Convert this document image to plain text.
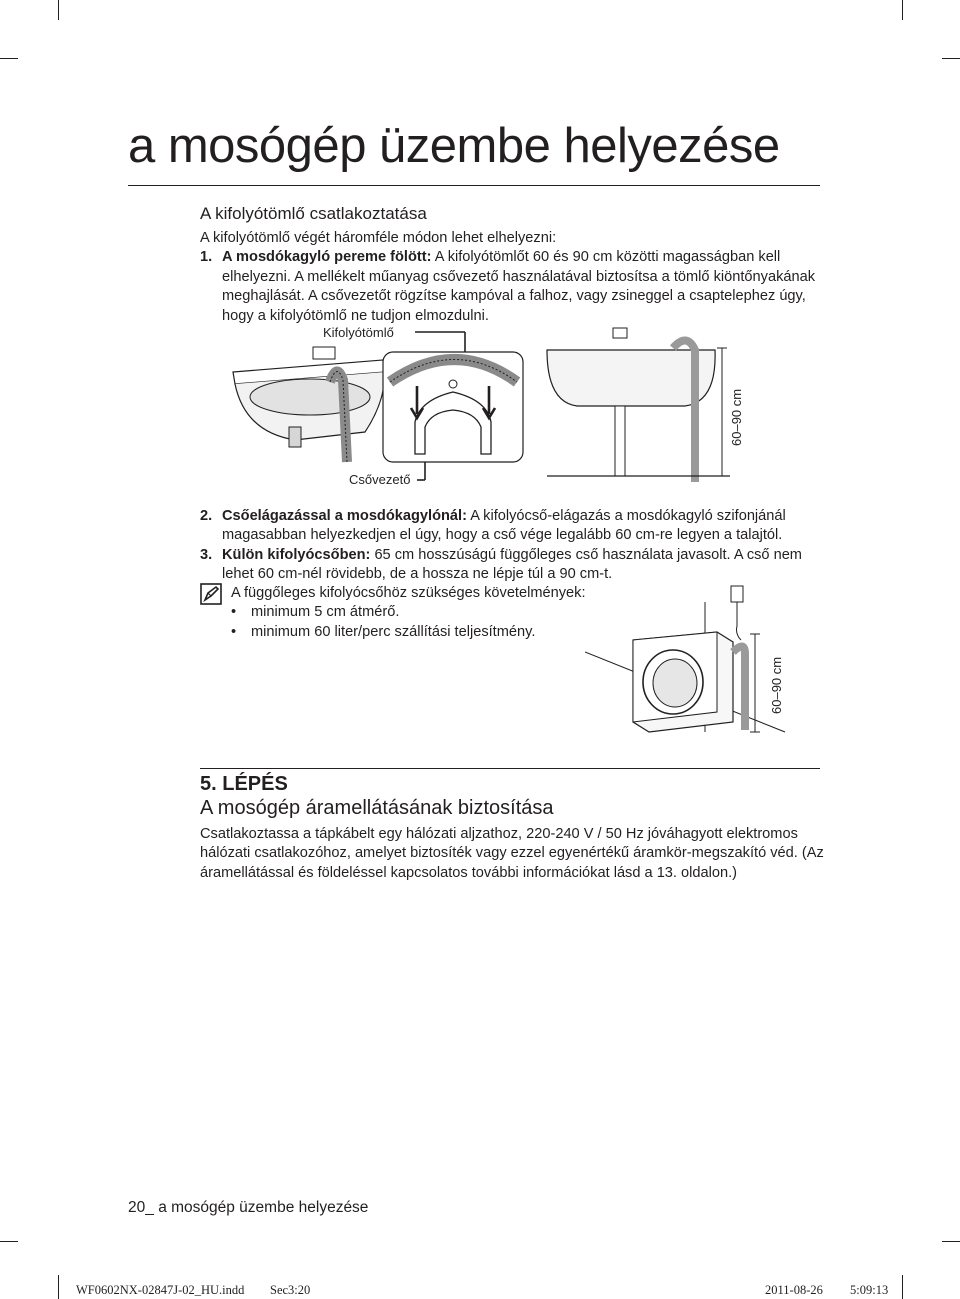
a mosógép üzembe helyezése
A kifolyótömlő csatlakoztatása
A kifolyótömlő végét háromféle módon lehet elhelyezni:
1. A mosdókagyló pereme fölött: A kifolyótömlőt 60 és 90 cm közötti magasságban kell
elhelyezni. A mellékelt műanyag csővezető használatával biztosítsa a tömlő kiöntőnyakának
meghajlását. A csővezetőt rögzítse kampóval a falhoz, vagy zsineggel a csaptelephez úgy,
hogy a kifolyótömlő ne tudjon elmozdulni.
Kifolyótömlő
Csővezető
60–90 cm
2. Csőelágazással a mosdókagylónál: A kifolyócső-elágazás a mosdókagyló szifonjánál
magasabban helyezkedjen el úgy, hogy a cső vége legalább 60 cm-re legyen a talajtól.
3. Külön kifolyócsőben: 65 cm hosszúságú függőleges cső használata javasolt. A cső nem
lehet 60 cm-nél rövidebb, de a hossza ne lépje túl a 90 cm-t.
A függőleges kifolyócsőhöz szükséges követelmények:
• minimum 5 cm átmérő.
• minimum 60 liter/perc szállítási teljesítmény.
60–90 cm
5. LÉPÉS
A mosógép áramellátásának biztosítása
Csatlakoztassa a tápkábelt egy hálózati aljzathoz, 220-240 V / 50 Hz jóváhagyott elektromos
hálózati csatlakozóhoz, amelyet biztosíték vagy ezzel egyenértékű áramkör-megszakító véd. (Az
áramellátással és földeléssel kapcsolatos további információkat lásd a 13. oldalon.)
20_ a mosógép üzembe helyezése
WF0602NX-02847J-02_HU.indd Sec3:20	2011-08-26 5:09:13
